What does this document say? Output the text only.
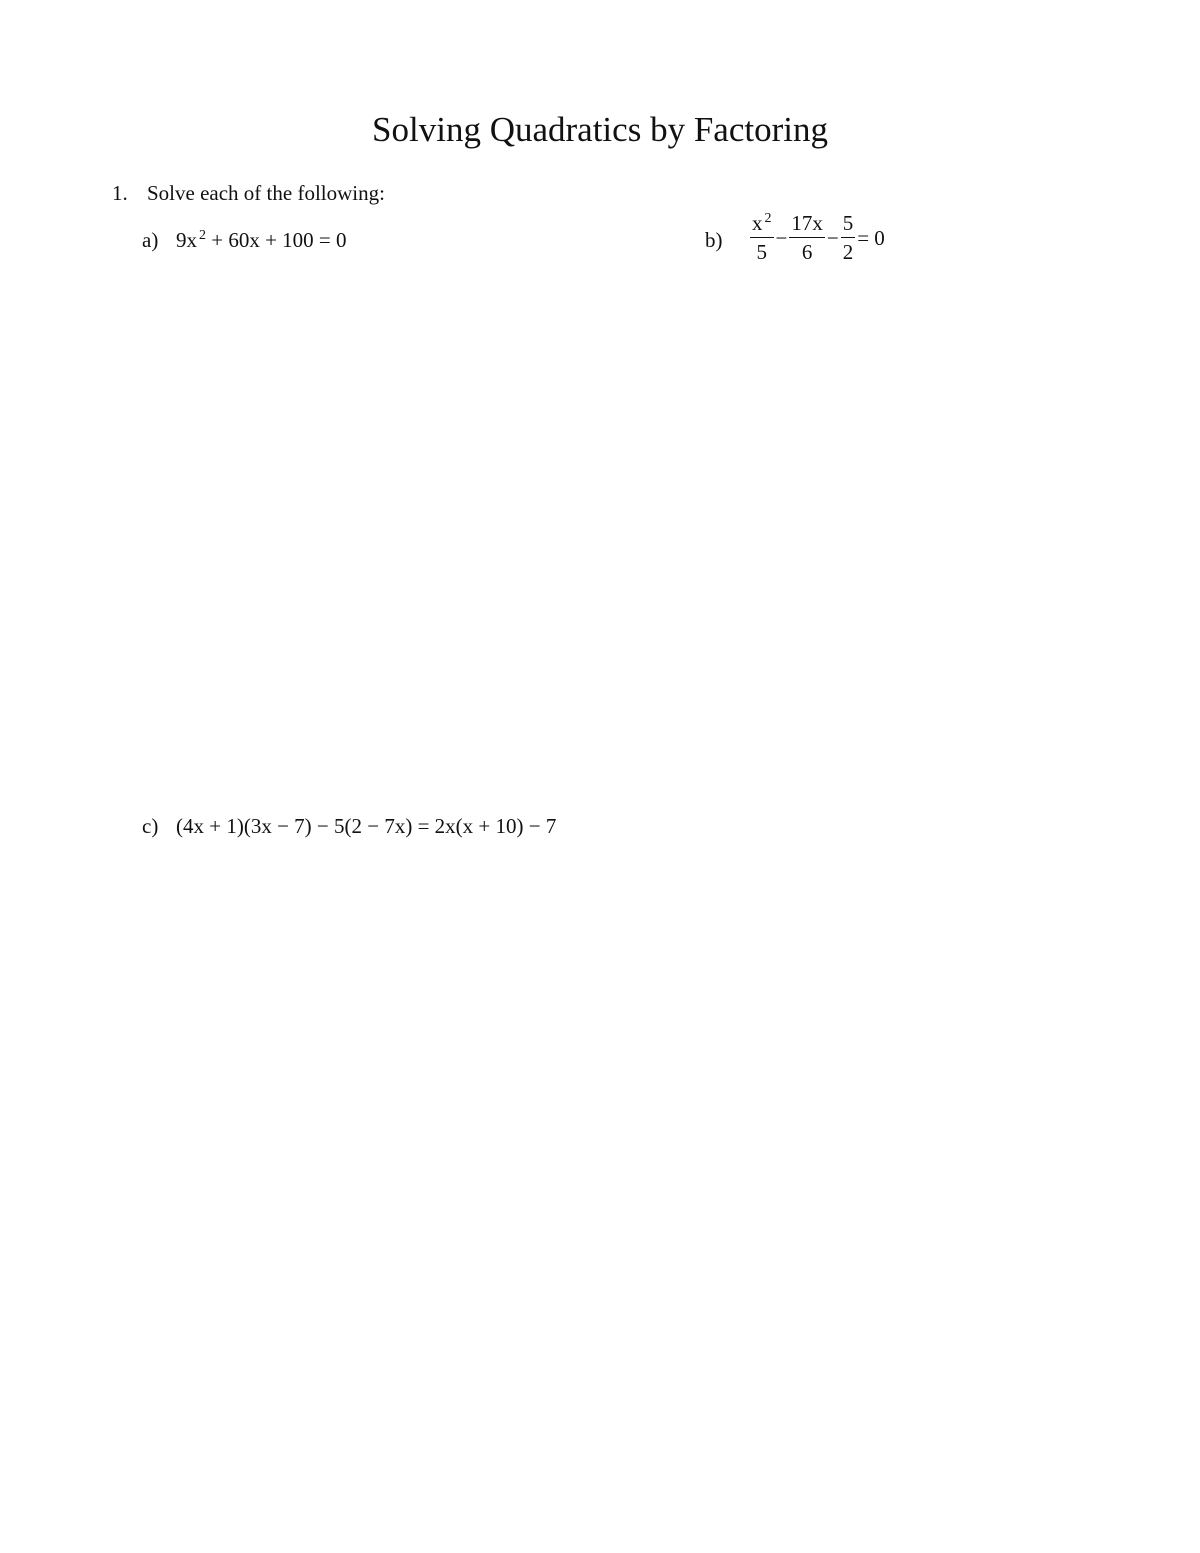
Solving Quadratics by Factoring
1. Solve each of the following:
a) 9x $^2$ + 60x + 100 = 0	$b) \frac{x ^2}{5} - \frac{17x}{6} - \frac{5}{2} = 0$
c) (4x + 1)(3x − 7) − 5(2 − 7x) = 2x(x + 10) − 7
